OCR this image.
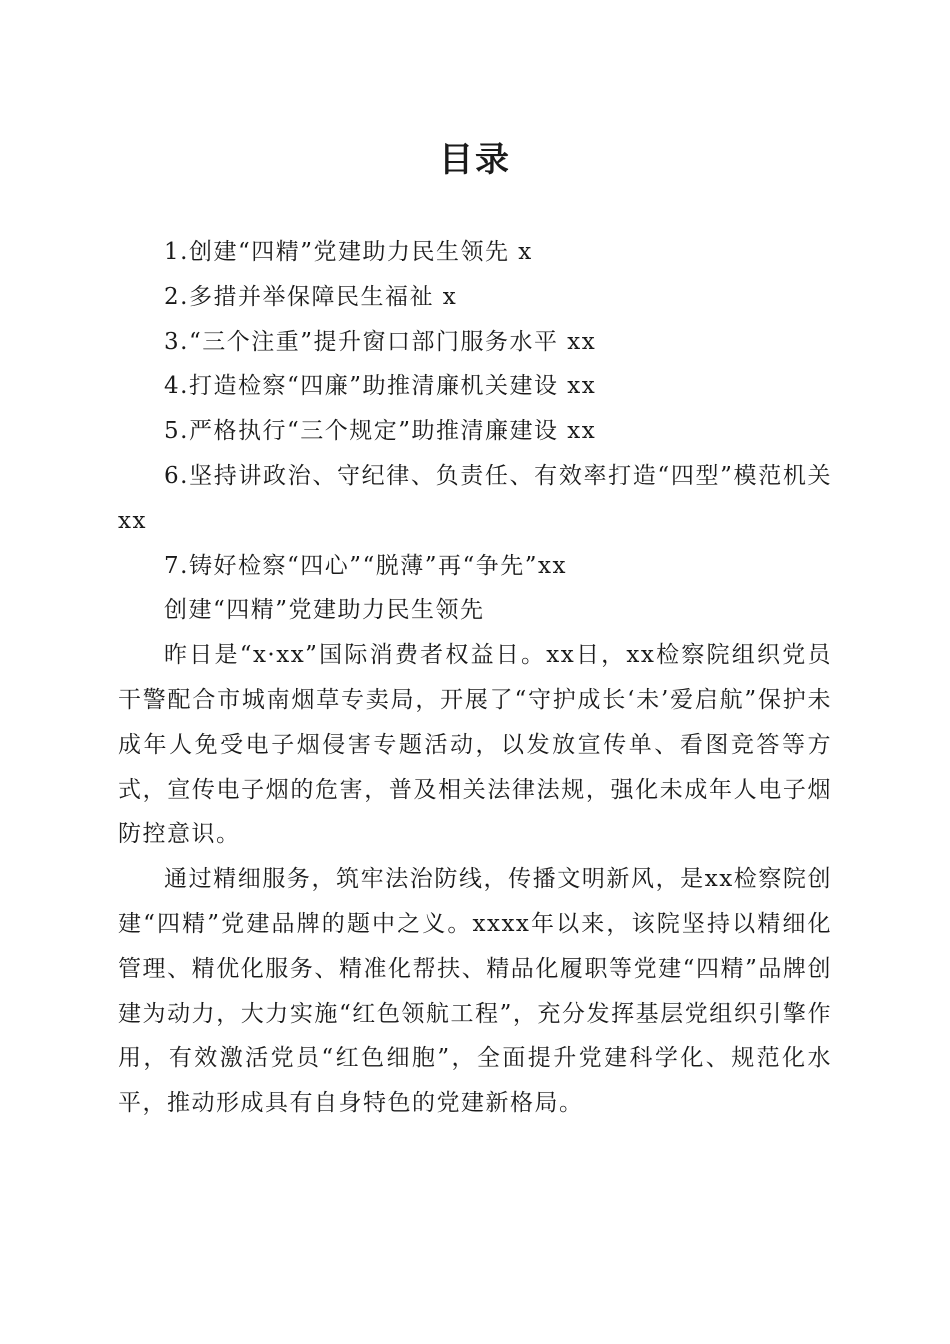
目录

1.创建“四精”党建助力民生领先 x

2.多措并举保障民生福祉 x

3.“三个注重”提升窗口部门服务水平 xx

4.打造检察“四廉”助推清廉机关建设 xx

5.严格执行“三个规定”助推清廉建设 xx

6.坚持讲政治、守纪律、负责任、有效率打造“四型”模范机关 xx

7.铸好检察“四心”“脱薄”再“争先”xx

创建“四精”党建助力民生领先

昨日是“x·xx”国际消费者权益日。xx日，xx检察院组织党员干警配合市城南烟草专卖局，开展了“守护成长‘未’爱启航”保护未成年人免受电子烟侵害专题活动，以发放宣传单、看图竞答等方式，宣传电子烟的危害，普及相关法律法规，强化未成年人电子烟防控意识。

通过精细服务，筑牢法治防线，传播文明新风，是xx检察院创建“四精”党建品牌的题中之义。xxxx年以来，该院坚持以精细化管理、精优化服务、精准化帮扶、精品化履职等党建“四精”品牌创建为动力，大力实施“红色领航工程”，充分发挥基层党组织引擎作用，有效激活党员“红色细胞”，全面提升党建科学化、规范化水平，推动形成具有自身特色的党建新格局。
